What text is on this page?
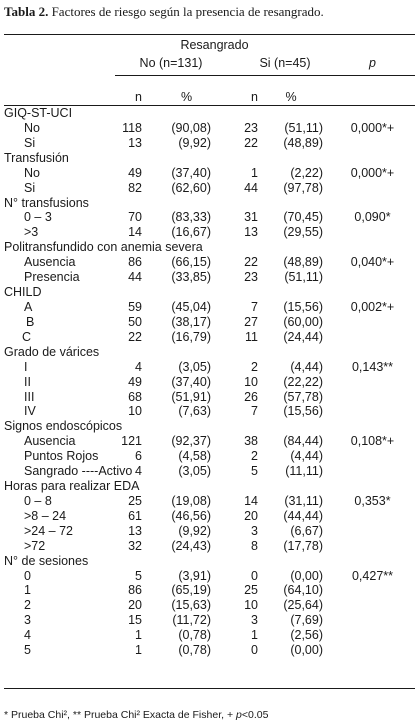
Tabla 2. Factores de riesgo según la presencia de resangrado.
Resangrado
No (n=131)	Si (n=45)	p
n	%	n	%
GIQ-ST-UCI
No	118	(90,08)	23	(51,11)	0,000*+
Si	13	(9,92)	22	(48,89)
Transfusión
No	49	(37,40)	1	(2,22)	0,000*+
Si	82	(62,60)	44	(97,78)
N° transfusions
0 – 3	70	(83,33)	31	(70,45)	0,090*
>3	14	(16,67)	13	(29,55)
Politransfundido con anemia severa
Ausencia	86	(66,15)	22	(48,89)	0,040*+
Presencia	44	(33,85)	23	(51,11)
CHILD
A	59	(45,04)	7	(15,56)	0,002*+
B	50	(38,17)	27	(60,00)
C	22	(16,79)	11	(24,44)
Grado de várices
I	4	(3,05)	2	(4,44)	0,143**
II	49	(37,40)	10	(22,22)
III	68	(51,91)	26	(57,78)
IV	10	(7,63)	7	(15,56)
Signos endoscópicos
Ausencia	121	(92,37)	38	(84,44)	0,108*+
Puntos Rojos	6	(4,58)	2	(4,44)
Sangrado ----Activo 4	(3,05)	5	(11,11)
Horas para realizar EDA
0 – 8	25	(19,08)	14	(31,11)	0,353*
>8 – 24	61	(46,56)	20	(44,44)
>24 – 72	13	(9,92)	3	(6,67)
>72	32	(24,43)	8	(17,78)
N° de sesiones
0	5	(3,91)	0	(0,00)	0,427**
1	86	(65,19)	25	(64,10)
2	20	(15,63)	10	(25,64)
3	15	(11,72)	3	(7,69)
4	1	(0,78)	1	(2,56)
5	1	(0,78)	0	(0,00)
* Prueba Chi², ** Prueba Chi² Exacta de Fisher, + p<0.05
